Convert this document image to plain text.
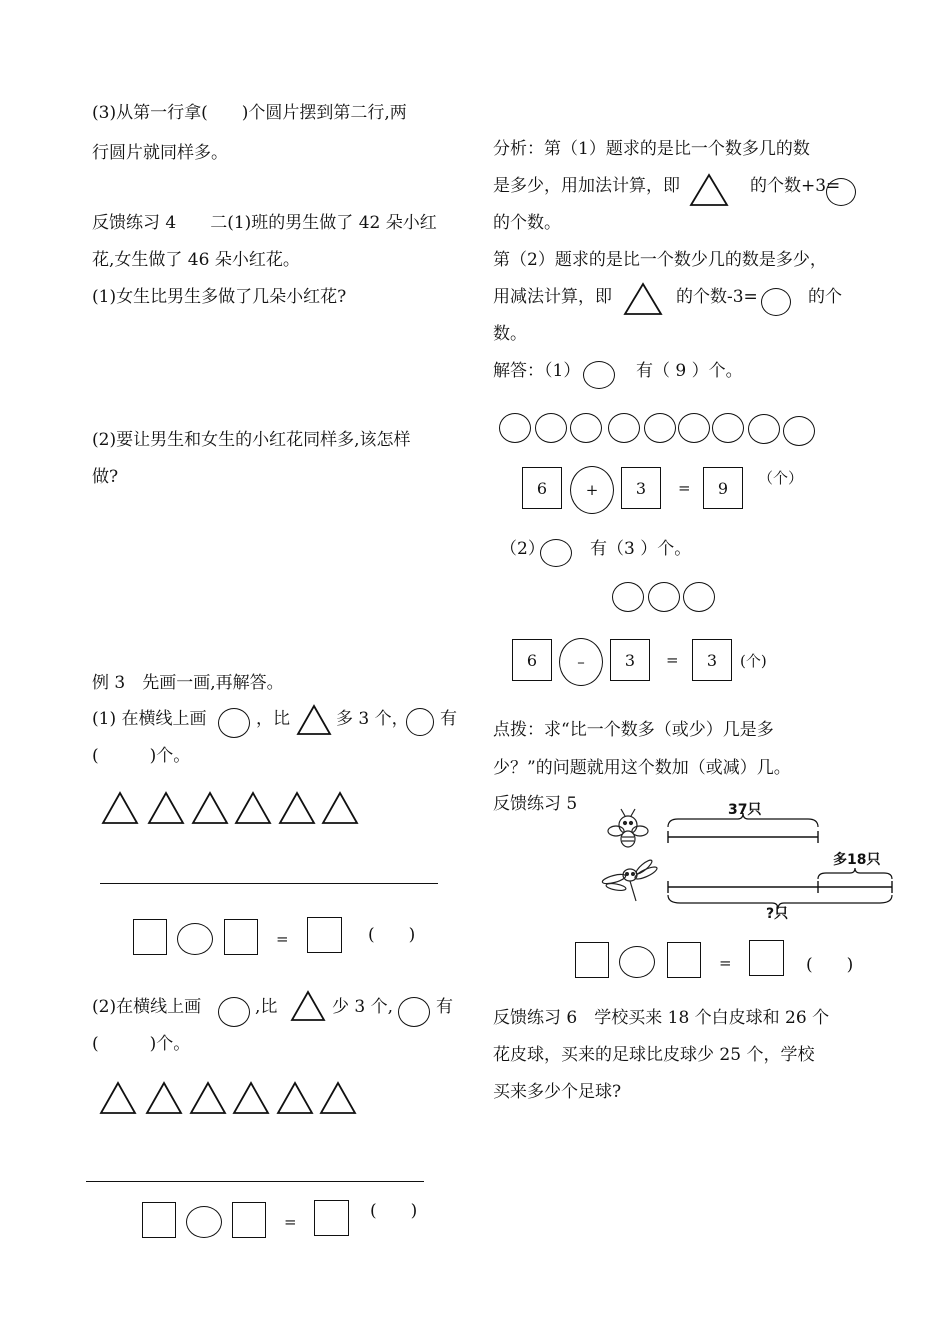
(3)从第一行拿(　　)个圆片摆到第二行,两
行圆片就同样多。
反馈练习 4　　二(1)班的男生做了 42 朵小红
花,女生做了 46 朵小红花。
(1)女生比男生多做了几朵小红花?
(2)要让男生和女生的小红花同样多,该怎样
做?
例 3　先画一画,再解答。
(1) 在横线上画	，比	多 3 个， 有
(　　　)个。
=	(　　)
(2)在横线上画	,比	少 3 个,	有
(　　　)个。
=
(　　)
分析：第（1）题求的是比一个数多几的数
是多少，用加法计算，即	的个数+3=
的个数。
第（2）题求的是比一个数少几的数是多少，
用减法计算，即	的个数-3=	的个
数。
解答：（1）	有（ 9 ）个。
6	+	3	=	9
（个）
（2）	有（3 ）个。
6	–	3	=	3	(个)
点拨：求“比一个数多（或少）几是多
少？”的问题就用这个数加（或减）几。
反馈练习 5	37只
多18只
?只
=	(　　)
反馈练习 6　学校买来 18 个白皮球和 26 个
花皮球，买来的足球比皮球少 25 个，学校
买来多少个足球?
